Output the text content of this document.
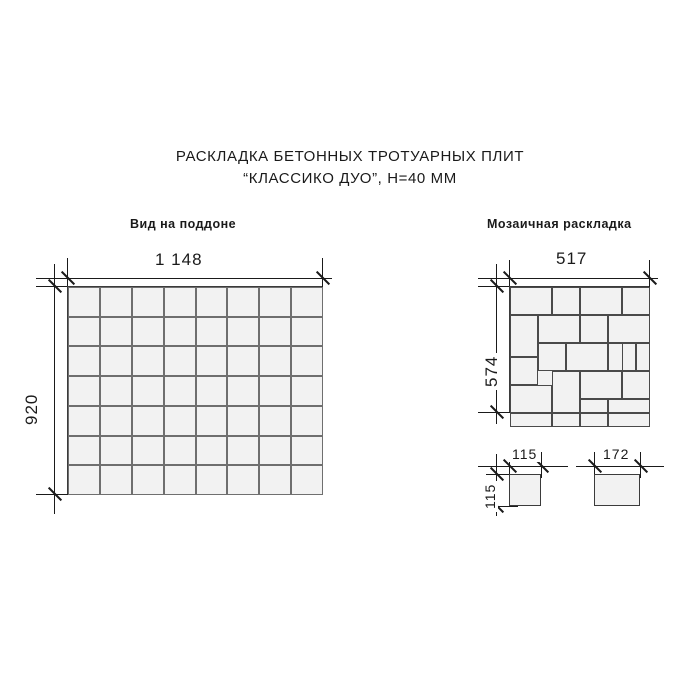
РАСКЛАДКА БЕТОННЫХ ТРОТУАРНЫХ ПЛИТ
“КЛАССИКО ДУО”, H=40 ММ
Вид на поддоне	Мозаичная раскладка
1 148
920
517
574
115
115
172
